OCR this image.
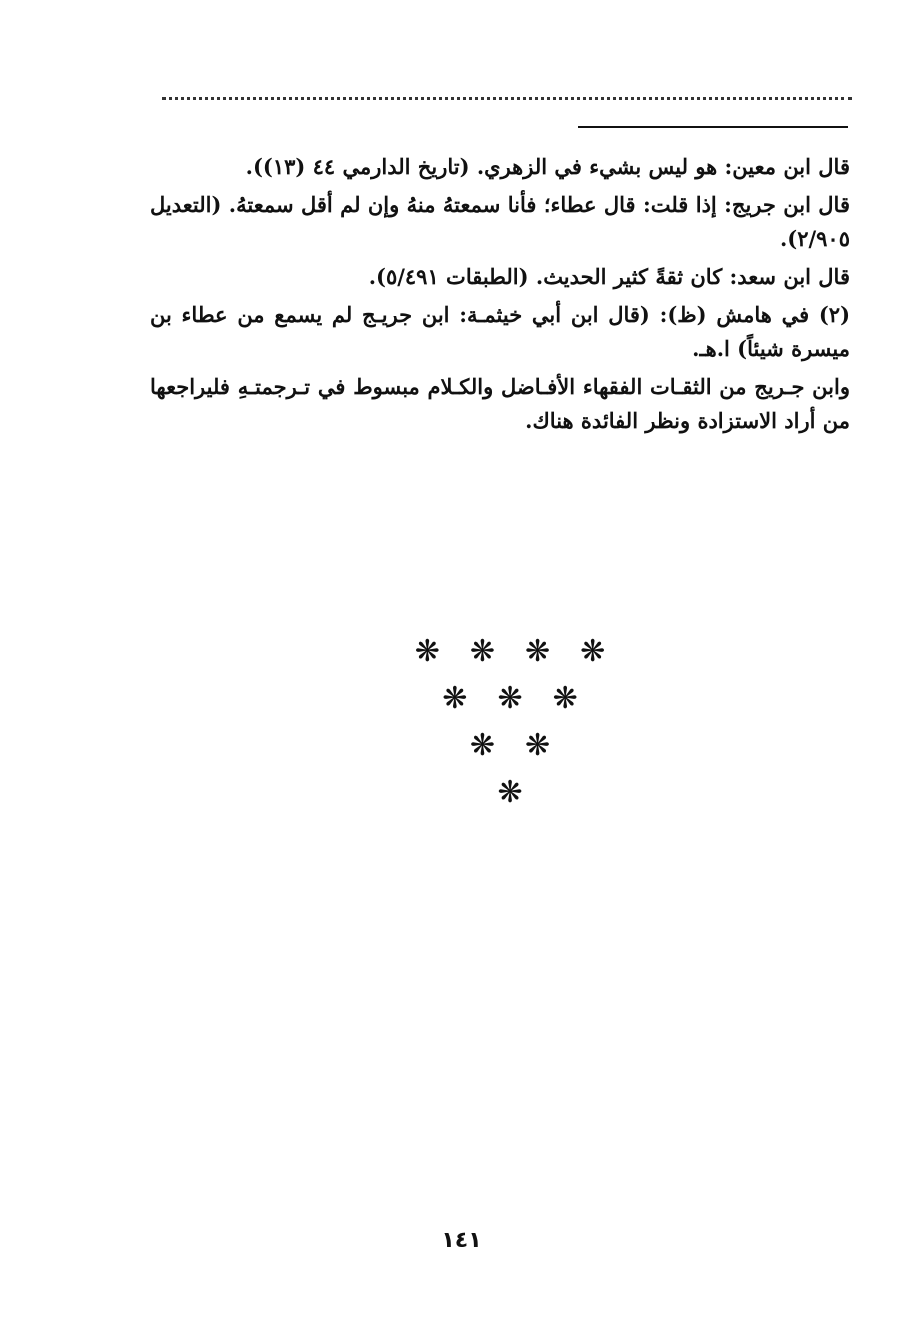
قال ابن معين: هو ليس بشيء في الزهري. (تاريخ الدارمي ٤٤ (١٣)).

قال ابن جريج: إذا قلت: قال عطاء؛ فأنا سمعتهُ منهُ وإن لم أقل سمعتهُ. (التعديل ٢/٩٠٥).

قال ابن سعد: كان ثقةً كثير الحديث. (الطبقات ٥/٤٩١).

(٢) في هامش (ظ): (قال ابن أبي خيثمـة: ابن جريـج لم يسمع من عطاء بن ميسرة شيئاً) ا.هـ.

وابن جـريج من الثقـات الفقهاء الأفـاضل والكـلام مبسوط في تـرجمتـهِ فليراجعها من أراد الاستزادة ونظر الفائدة هناك.

❋
❋
❋
❋
❋
❋
❋
❋
❋
❋
١٤١
